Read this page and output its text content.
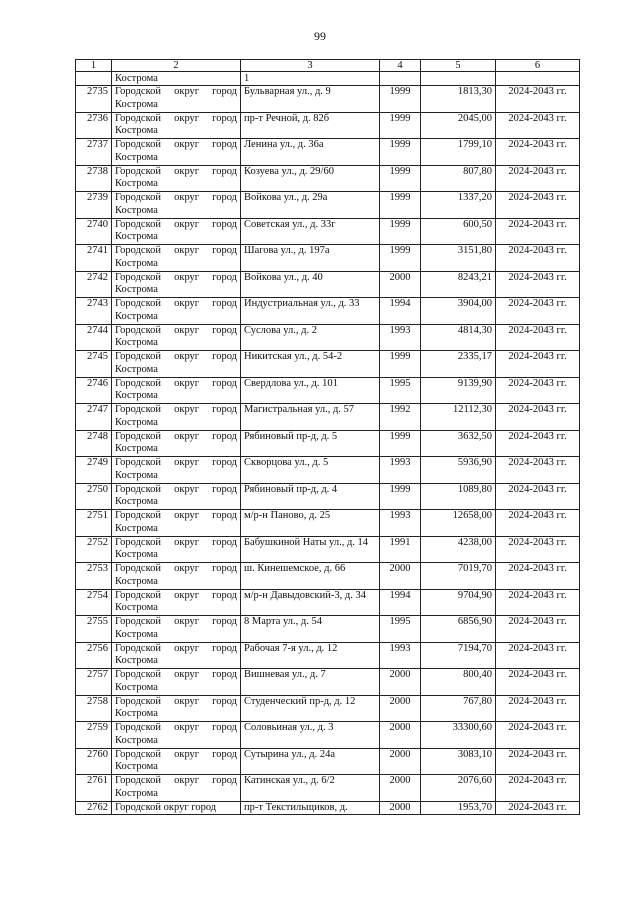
99
1	2	3	4	5	6
	Кострома	1			
2735	Городской округ город Кострома	Бульварная ул., д. 9	1999	1813,30	2024-2043 гг.
2736	Городской округ город Кострома	пр-т Речной, д. 82б	1999	2045,00	2024-2043 гг.
2737	Городской округ город Кострома	Ленина ул., д. 36а	1999	1799,10	2024-2043 гг.
2738	Городской округ город Кострома	Козуева ул., д. 29/60	1999	807,80	2024-2043 гг.
2739	Городской округ город Кострома	Войкова ул., д. 29а	1999	1337,20	2024-2043 гг.
2740	Городской округ город Кострома	Советская ул., д. 33г	1999	600,50	2024-2043 гг.
2741	Городской округ город Кострома	Шагова ул., д. 197а	1999	3151,80	2024-2043 гг.
2742	Городской округ город Кострома	Войкова ул., д. 40	2000	8243,21	2024-2043 гг.
2743	Городской округ город Кострома	Индустриальная ул., д. 33	1994	3904,00	2024-2043 гг.
2744	Городской округ город Кострома	Суслова ул., д. 2	1993	4814,30	2024-2043 гг.
2745	Городской округ город Кострома	Никитская ул., д. 54-2	1999	2335,17	2024-2043 гг.
2746	Городской округ город Кострома	Свердлова ул., д. 101	1995	9139,90	2024-2043 гг.
2747	Городской округ город Кострома	Магистральная ул., д. 57	1992	12112,30	2024-2043 гг.
2748	Городской округ город Кострома	Рябиновый пр-д, д. 5	1999	3632,50	2024-2043 гг.
2749	Городской округ город Кострома	Скворцова ул., д. 5	1993	5936,90	2024-2043 гг.
2750	Городской округ город Кострома	Рябиновый пр-д, д. 4	1999	1089,80	2024-2043 гг.
2751	Городской округ город Кострома	м/р-н Паново, д. 25	1993	12658,00	2024-2043 гг.
2752	Городской округ город Кострома	Бабушкиной Наты ул., д. 14	1991	4238,00	2024-2043 гг.
2753	Городской округ город Кострома	ш. Кинешемское, д. 66	2000	7019,70	2024-2043 гг.
2754	Городской округ город Кострома	м/р-н Давыдовский-3, д. 34	1994	9704,90	2024-2043 гг.
2755	Городской округ город Кострома	8 Марта ул., д. 54	1995	6856,90	2024-2043 гг.
2756	Городской округ город Кострома	Рабочая 7-я ул., д. 12	1993	7194,70	2024-2043 гг.
2757	Городской округ город Кострома	Вишневая ул., д. 7	2000	800,40	2024-2043 гг.
2758	Городской округ город Кострома	Студенческий пр-д, д. 12	2000	767,80	2024-2043 гг.
2759	Городской округ город Кострома	Соловьиная ул., д. 3	2000	33300,60	2024-2043 гг.
2760	Городской округ город Кострома	Сутырина ул., д. 24а	2000	3083,10	2024-2043 гг.
2761	Городской округ город Кострома	Катинская ул., д. 6/2	2000	2076,60	2024-2043 гг.
2762	Городской округ город	пр-т Текстильщиков, д.	2000	1953,70	2024-2043 гг.
